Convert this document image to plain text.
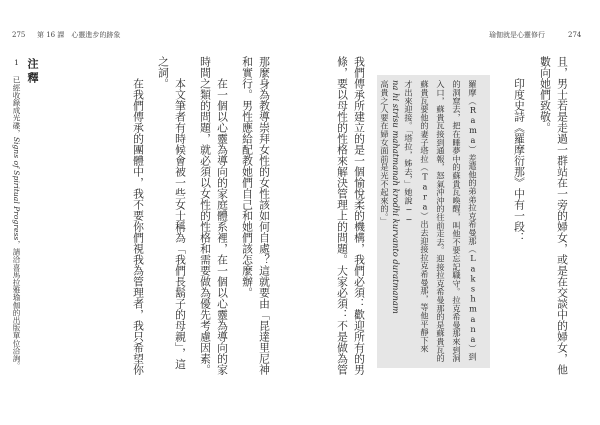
275 第 16 課　心靈進步的跡象	瑜伽就是心靈修行	274
且，男士若是走過一群站在一旁的婦女，或是在交談中的婦女，他
數向她們致敬。
印度史詩《羅摩衍那》中有一段：
羅摩（Rama）差遣他的弟弟拉克希曼那（Lakshmana）到
的洞窟去，把在睡夢中的蘇貴瓦喚醒，叫他不要忘記職守。拉克希曼那來到洞
入口，蘇貴瓦接到通報，怒氣沖沖的往前走去。迎接拉克希曼那的是蘇貴瓦的
蘇貴瓦要他的妻子塔拉（Tara）出去迎接拉克希曼那，等他平靜下來
才出來迎接。「塔拉，姊去，」她說──
na hi strisu mahatmanah krodhi kurvanto duratmanam
高貴之人要在婦女面前是光不起來的。」
我們傳承所建立的是一個愉悅柔的機構，我們必須：歡迎所有的男
條，要以母性的性格來解決管理上的問題。大家必須：不是做為管
那麼身為教導崇拜女性的女性該如何自處？這就要由「昆達里尼神
和實行。男性應給配教她們自己和她們該怎麼辦。
在一個以心靈為導向的家庭體系裡，在一個以心靈為導向的家
時間之類的問題，就必須以女性的性格和需要做為優先考慮因素。
本文筆者有時候會被一些女士稱為「我們長鬍子的母親」，這
之詞。
在我們傳承的團體中，我不要你們視我為管理者，我只希望你
注釋
1 已經收錄成光碟，Signs of Spiritual Progress，請洽喜馬拉雅瑜伽的出版單位洽詢。
